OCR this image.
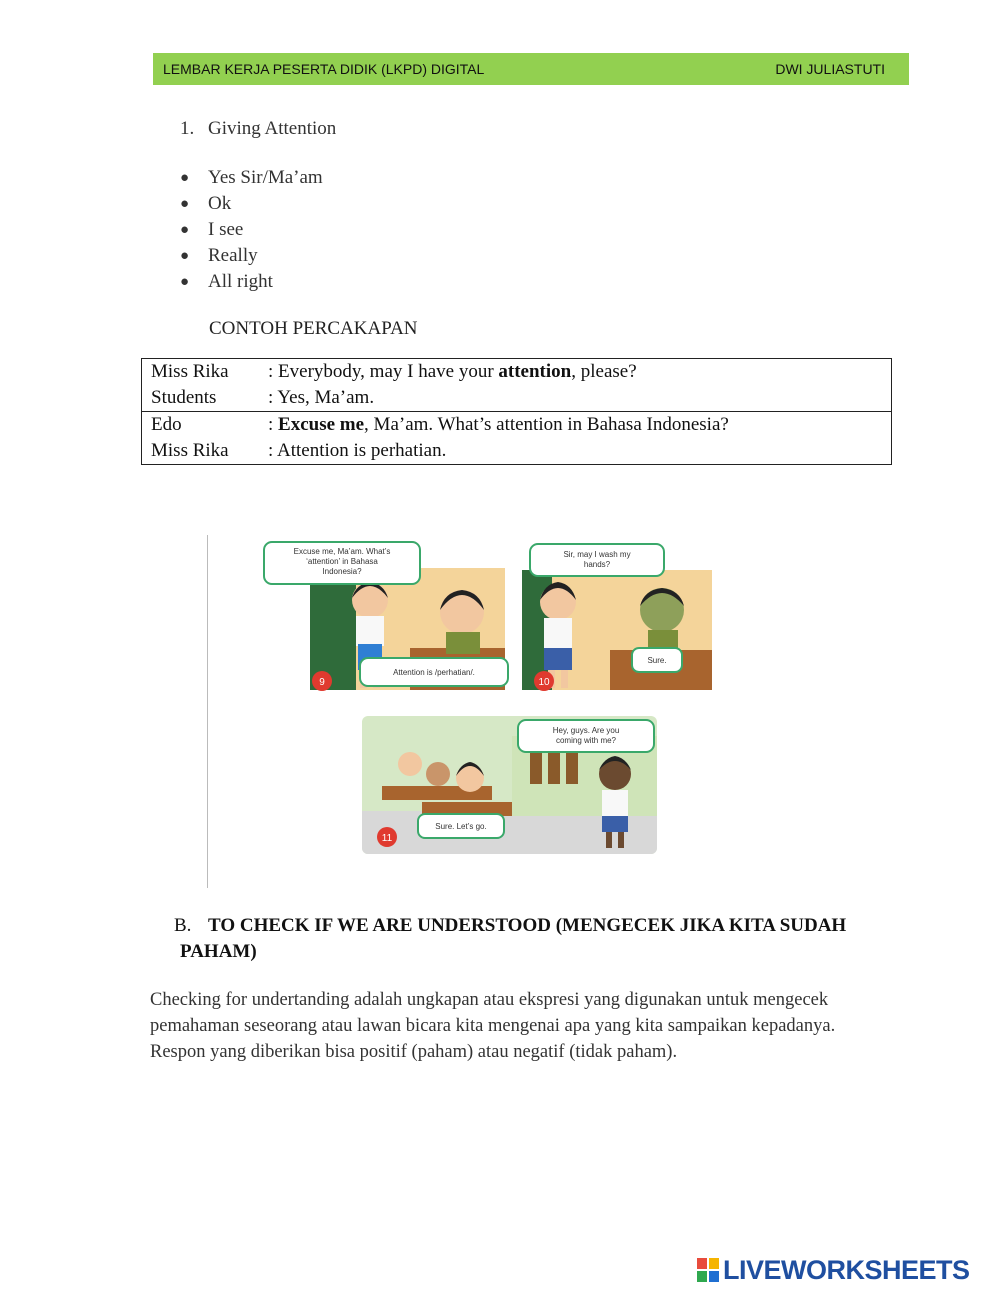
LEMBAR KERJA PESERTA DIDIK (LKPD) DIGITAL	DWI JULIASTUTI
1. Giving Attention
● Yes Sir/Ma’am
● Ok
● I see
● Really
● All right
CONTOH PERCAKAPAN
Miss Rika : Everybody, may I have your attention, please?
Students	: Yes, Ma’am.
Edo	: Excuse me, Ma’am. What’s attention in Bahasa Indonesia?
Miss Rika : Attention is perhatian.
Excuse me, Ma’am. What’s
‘attention’ in Bahasa
Indonesia?
Attention is /perhatian/.
9
Sir, may I wash my
hands?
Sure.
10
Hey, guys. Are you
coming with me?
Sure. Let’s go.
11
B. TO CHECK IF WE ARE UNDERSTOOD (MENGECEK JIKA KITA SUDAH
PAHAM)
Checking for undertanding adalah ungkapan atau ekspresi yang digunakan untuk mengecek
pemahaman seseorang atau lawan bicara kita mengenai apa yang kita sampaikan kepadanya.
Respon yang diberikan bisa positif (paham) atau negatif (tidak paham).
LIVEWORKSHEETS
